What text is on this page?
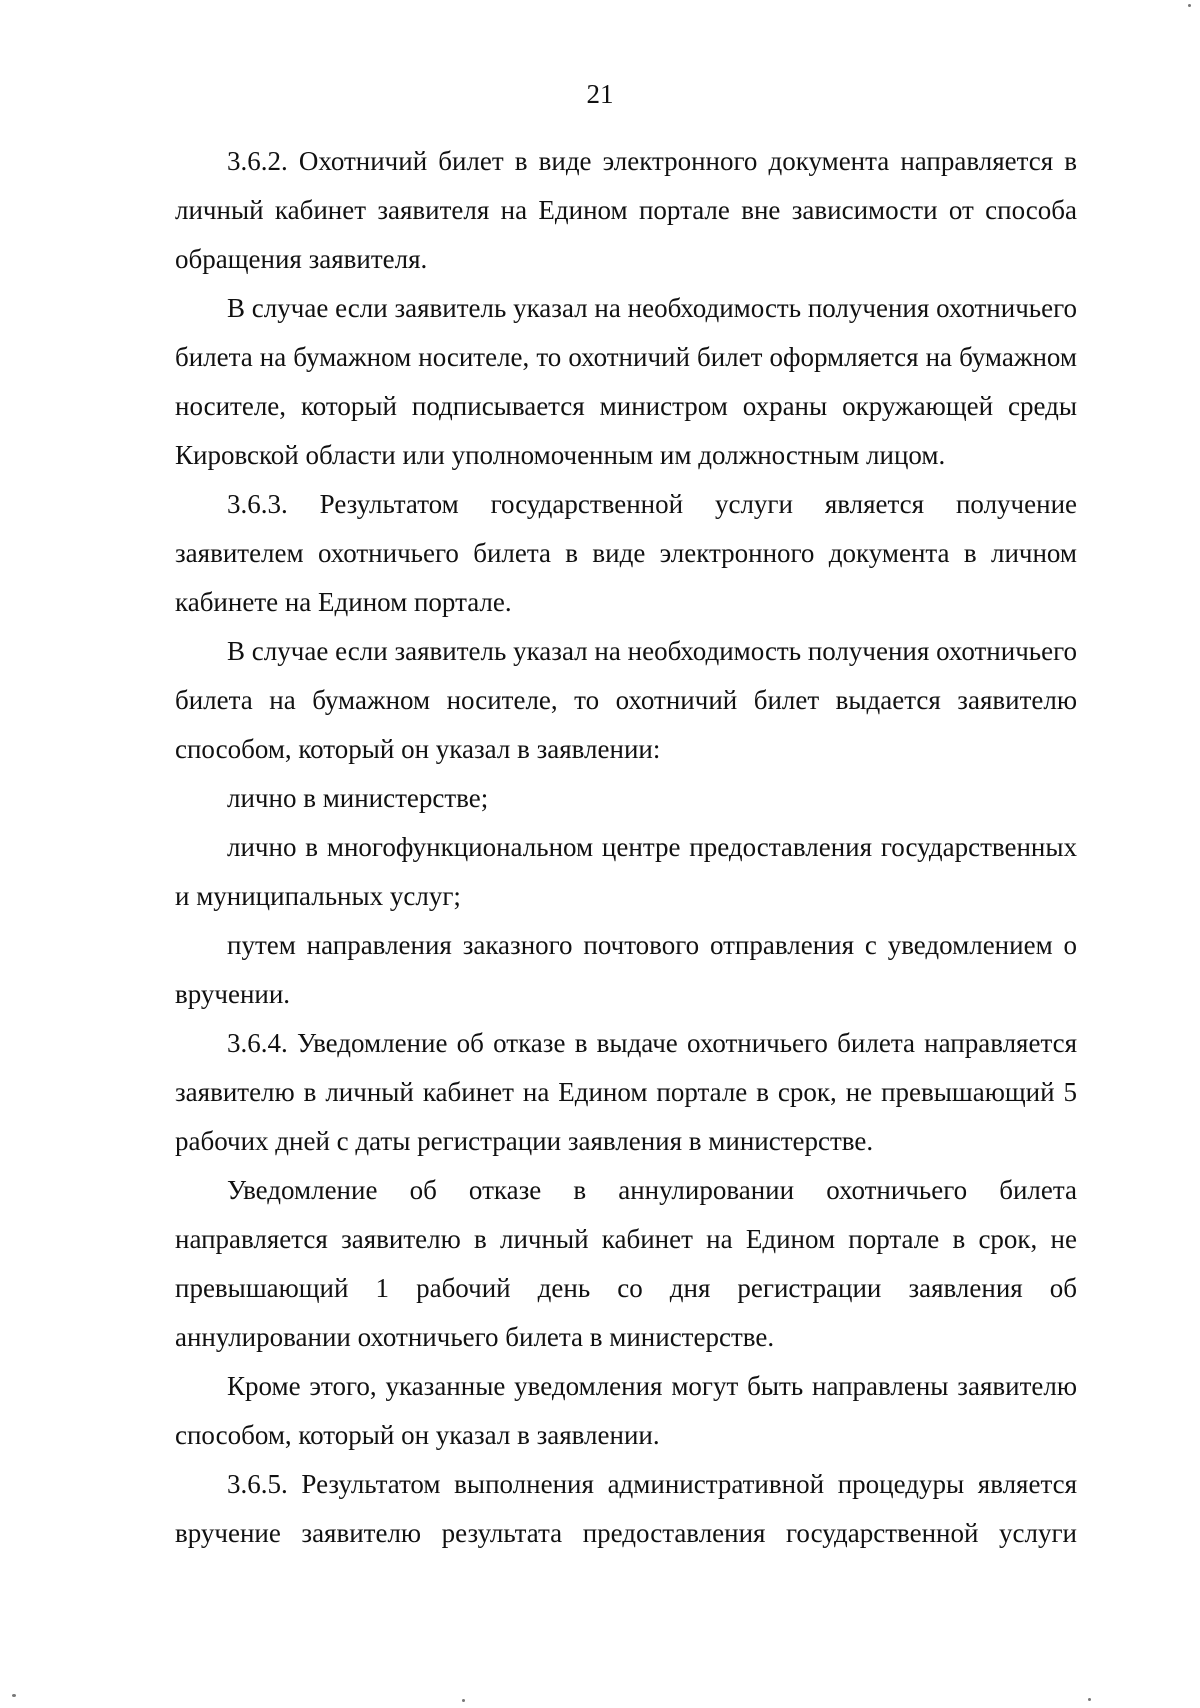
21

3.6.2. Охотничий билет в виде электронного документа направляется в личный кабинет заявителя на Едином портале вне зависимости от способа обращения заявителя.

В случае если заявитель указал на необходимость получения охотничьего билета на бумажном носителе, то охотничий билет оформляется на бумажном носителе, который подписывается министром охраны окружающей среды Кировской области или уполномоченным им должностным лицом.

3.6.3. Результатом государственной услуги является получение заявителем охотничьего билета в виде электронного документа в личном кабинете на Едином портале.

В случае если заявитель указал на необходимость получения охотничьего билета на бумажном носителе, то охотничий билет выдается заявителю способом, который он указал в заявлении:

лично в министерстве;

лично в многофункциональном центре предоставления государственных и муниципальных услуг;

путем направления заказного почтового отправления с уведомлением о вручении.

3.6.4. Уведомление об отказе в выдаче охотничьего билета направляется заявителю в личный кабинет на Едином портале в срок, не превышающий 5 рабочих дней с даты регистрации заявления в министерстве.

Уведомление об отказе в аннулировании охотничьего билета направляется заявителю в личный кабинет на Едином портале в срок, не превышающий 1 рабочий день со дня регистрации заявления об аннулировании охотничьего билета в министерстве.

Кроме этого, указанные уведомления могут быть направлены заявителю способом, который он указал в заявлении.

3.6.5. Результатом выполнения административной процедуры является вручение заявителю результата предоставления государственной услуги
